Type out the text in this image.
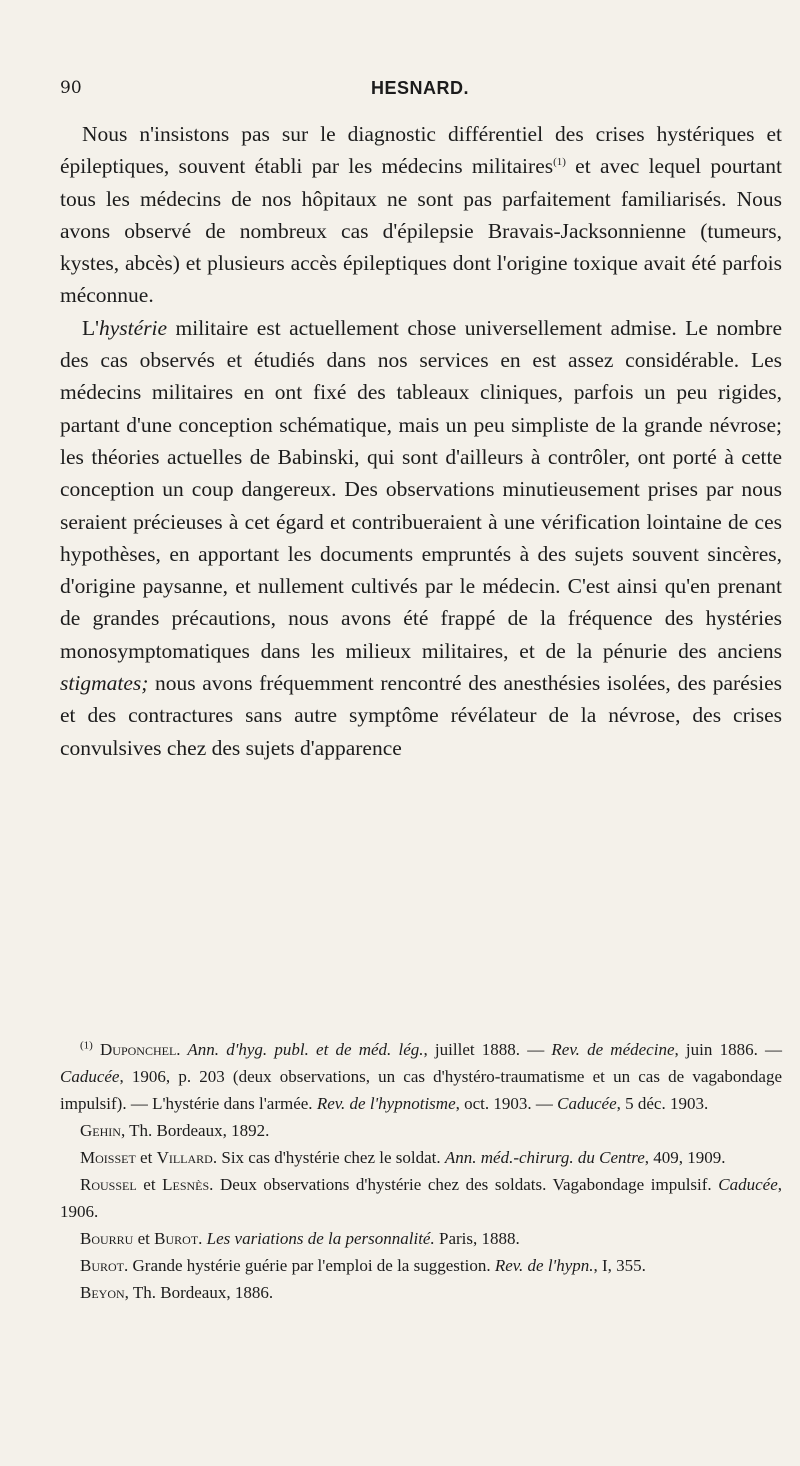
90	HESNARD.

Nous n'insistons pas sur le diagnostic différentiel des crises hystériques et épileptiques, souvent établi par les médecins militaires$^{(1)}$ et avec lequel pourtant tous les médecins de nos hôpitaux ne sont pas parfaitement familiarisés. Nous avons observé de nombreux cas d'épilepsie Bravais-Jacksonnienne (tumeurs, kystes, abcès) et plusieurs accès épileptiques dont l'origine toxique avait été parfois méconnue.

L'hystérie militaire est actuellement chose universellement admise. Le nombre des cas observés et étudiés dans nos services en est assez considérable. Les médecins militaires en ont fixé des tableaux cliniques, parfois un peu rigides, partant d'une conception schématique, mais un peu simpliste de la grande névrose; les théories actuelles de Babinski, qui sont d'ailleurs à contrôler, ont porté à cette conception un coup dangereux. Des observations minutieusement prises par nous seraient précieuses à cet égard et contribueraient à une vérification lointaine de ces hypothèses, en apportant les documents empruntés à des sujets souvent sincères, d'origine paysanne, et nullement cultivés par le médecin. C'est ainsi qu'en prenant de grandes précautions, nous avons été frappé de la fréquence des hystéries monosymptomatiques dans les milieux militaires, et de la pénurie des anciens stigmates; nous avons fréquemment rencontré des anesthésies isolées, des parésies et des contractures sans autre symptôme révélateur de la névrose, des crises convulsives chez des sujets d'apparence

$^{(1)}$ Duponchel. Ann. d'hyg. publ. et de méd. lég., juillet 1888. — Rev. de médecine, juin 1886. — Caducée, 1906, p. 203 (deux observations, un cas d'hystéro-traumatisme et un cas de vagabondage impulsif). — L'hystérie dans l'armée. Rev. de l'hypnotisme, oct. 1903. — Caducée, 5 déc. 1903.

Gehin, Th. Bordeaux, 1892.

Moisset et Villard. Six cas d'hystérie chez le soldat. Ann. méd.-chirurg. du Centre, 409, 1909.

Roussel et Lesnès. Deux observations d'hystérie chez des soldats. Vagabondage impulsif. Caducée, 1906.

Bourru et Burot. Les variations de la personnalité. Paris, 1888.

Burot. Grande hystérie guérie par l'emploi de la suggestion. Rev. de l'hypn., I, 355.

Beyon, Th. Bordeaux, 1886.
